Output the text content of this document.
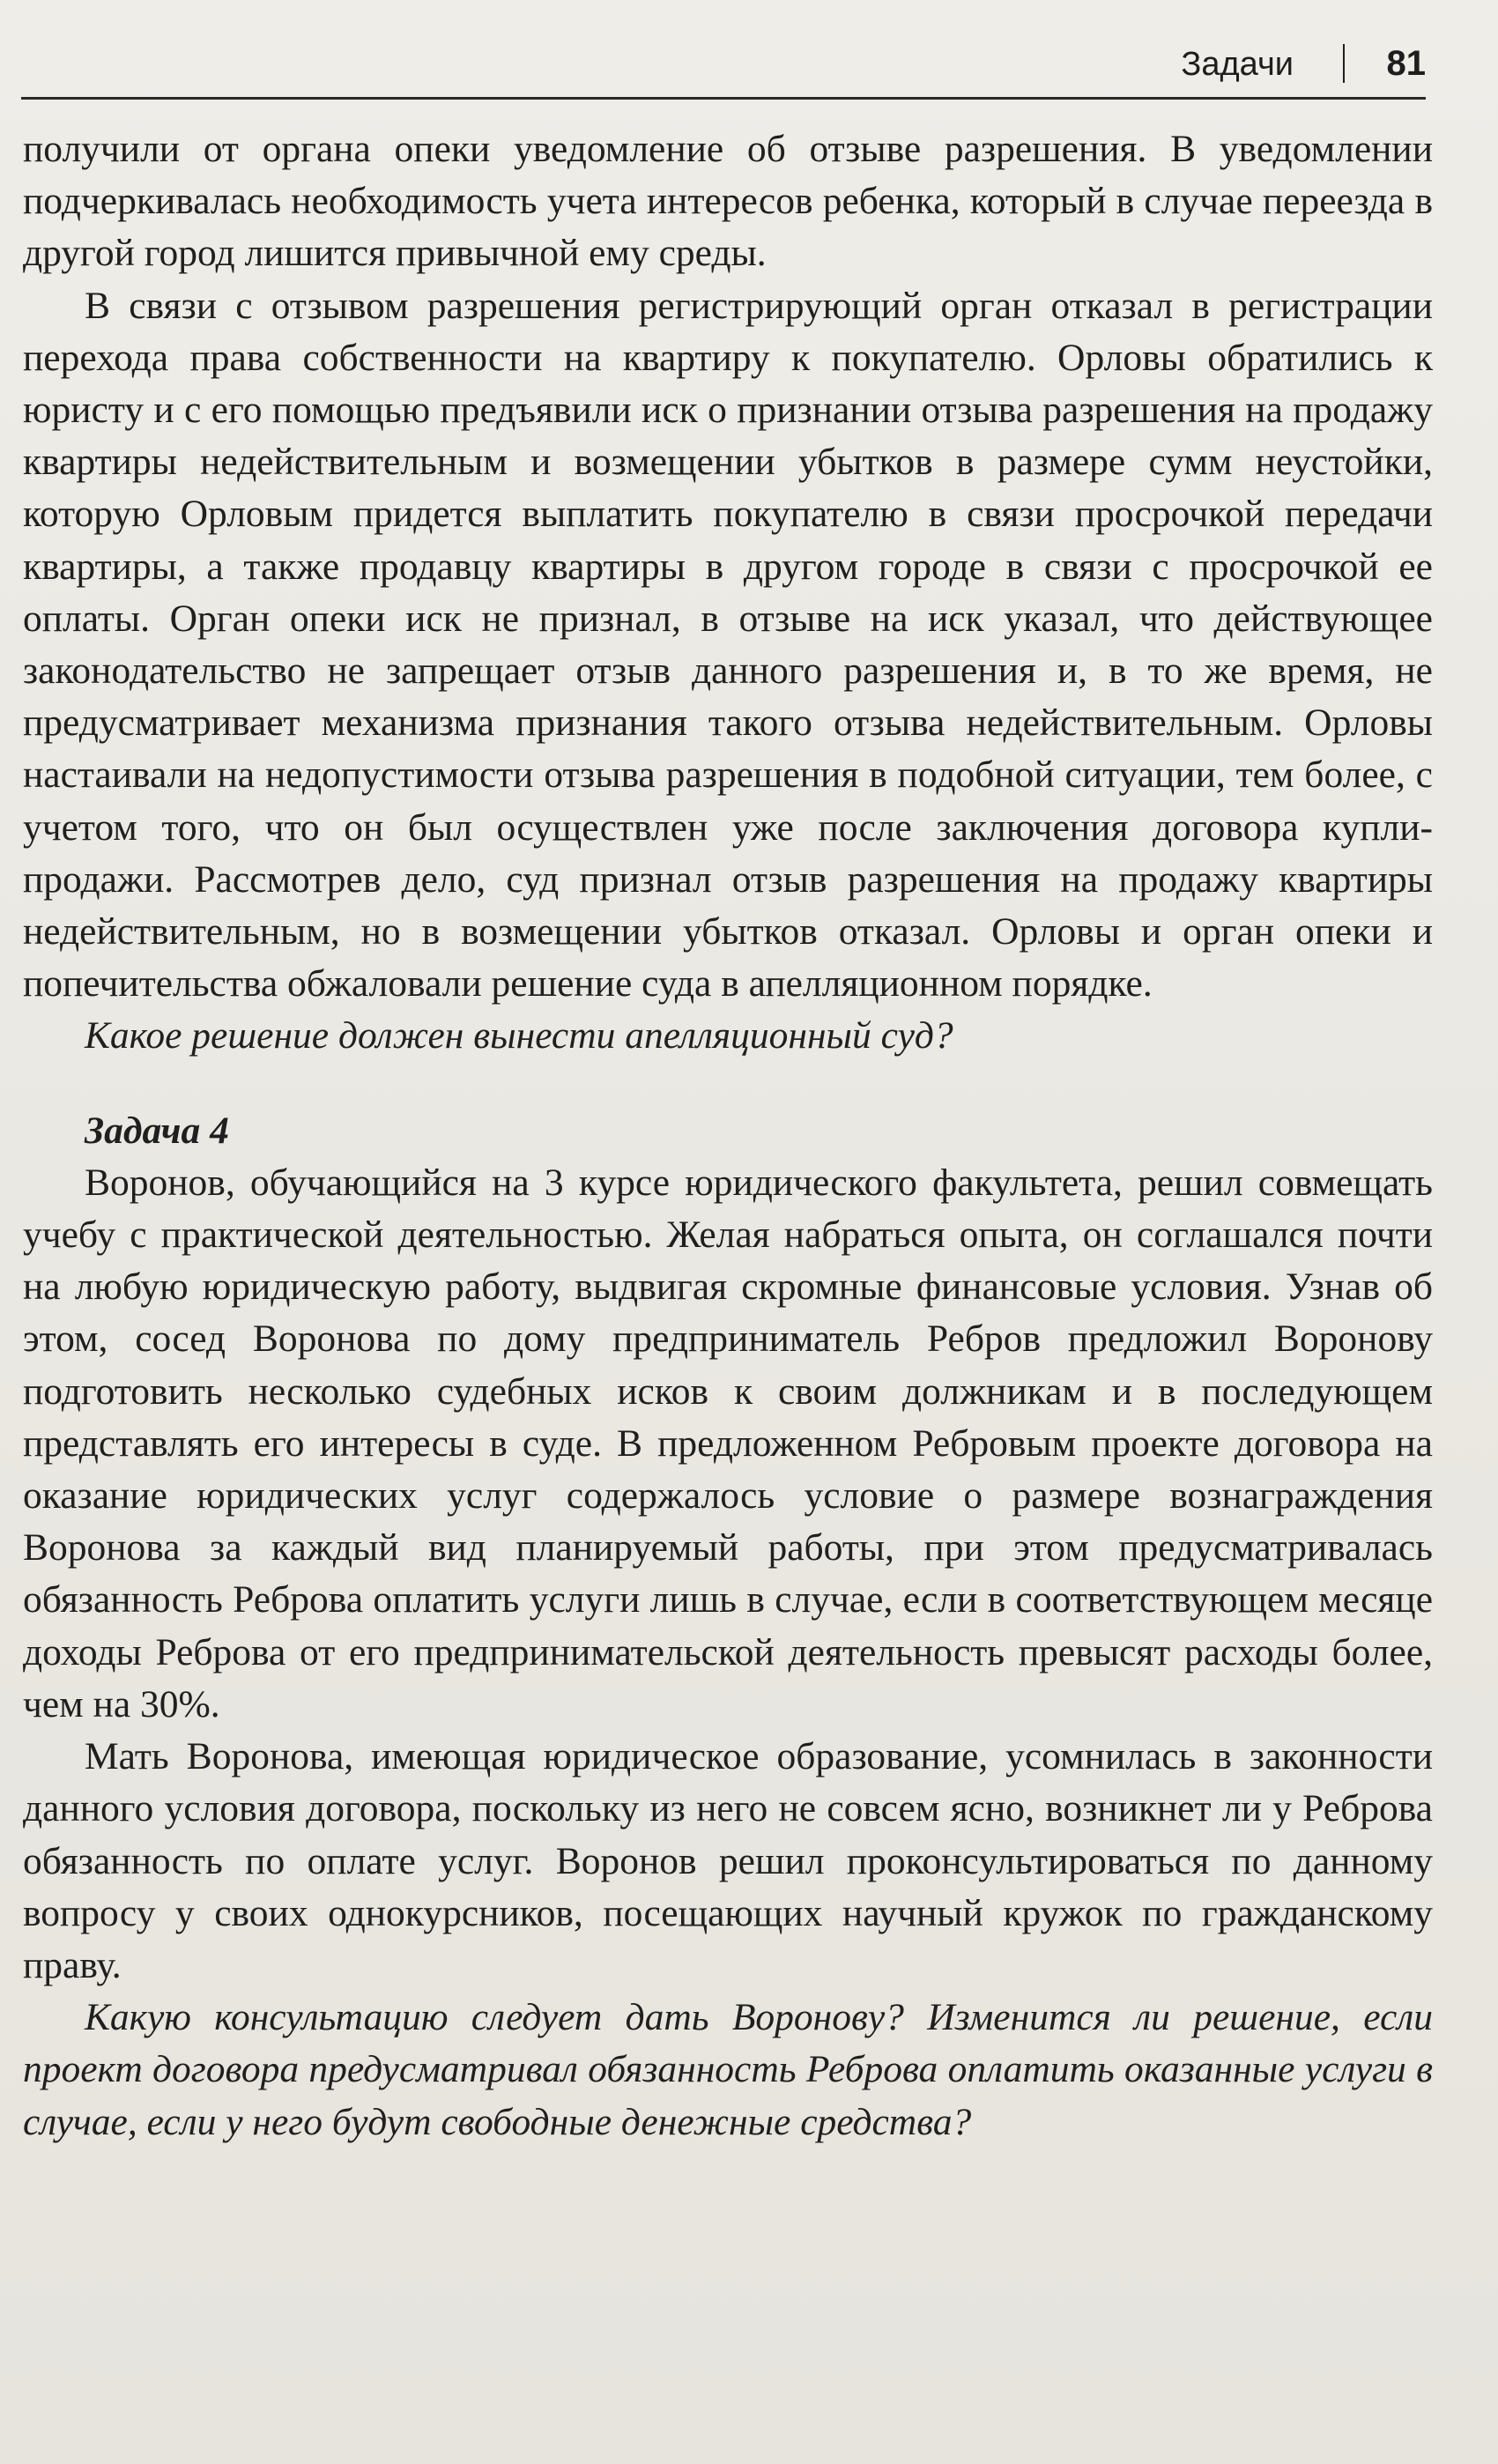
Задачи	81

получили от органа опеки уведомление об отзыве разрешения. В уведомлении подчеркивалась необходимость учета интересов ребенка, который в случае переезда в другой город лишится привычной ему среды.

В связи с отзывом разрешения регистрирующий орган отказал в регистрации перехода права собственности на квартиру к покупателю. Орловы обратились к юристу и с его помощью предъявили иск о признании отзыва разрешения на продажу квартиры недействительным и возмещении убытков в размере сумм неустойки, которую Орловым придется выплатить покупателю в связи просрочкой передачи квартиры, а также продавцу квартиры в другом городе в связи с просрочкой ее оплаты. Орган опеки иск не признал, в отзыве на иск указал, что действующее законодательство не запрещает отзыв данного разрешения и, в то же время, не предусматривает механизма признания такого отзыва недействительным. Орловы настаивали на недопустимости отзыва разрешения в подобной ситуации, тем более, с учетом того, что он был осуществлен уже после заключения договора купли-продажи. Рассмотрев дело, суд признал отзыв разрешения на продажу квартиры недействительным, но в возмещении убытков отказал. Орловы и орган опеки и попечительства обжаловали решение суда в апелляционном порядке.

Какое решение должен вынести апелляционный суд?

Задача 4

Воронов, обучающийся на 3 курсе юридического факультета, решил совмещать учебу с практической деятельностью. Желая набраться опыта, он соглашался почти на любую юридическую работу, выдвигая скромные финансовые условия. Узнав об этом, сосед Воронова по дому предприниматель Ребров предложил Воронову подготовить несколько судебных исков к своим должникам и в последующем представлять его интересы в суде. В предложенном Ребровым проекте договора на оказание юридических услуг содержалось условие о размере вознаграждения Воронова за каждый вид планируемый работы, при этом предусматривалась обязанность Реброва оплатить услуги лишь в случае, если в соответствующем месяце доходы Реброва от его предпринимательской деятельность превысят расходы более, чем на 30%.

Мать Воронова, имеющая юридическое образование, усомнилась в законности данного условия договора, поскольку из него не совсем ясно, возникнет ли у Реброва обязанность по оплате услуг. Воронов решил проконсультироваться по данному вопросу у своих однокурсников, посещающих научный кружок по гражданскому праву.

Какую консультацию следует дать Воронову? Изменится ли решение, если проект договора предусматривал обязанность Реброва оплатить оказанные услуги в случае, если у него будут свободные денежные средства?
